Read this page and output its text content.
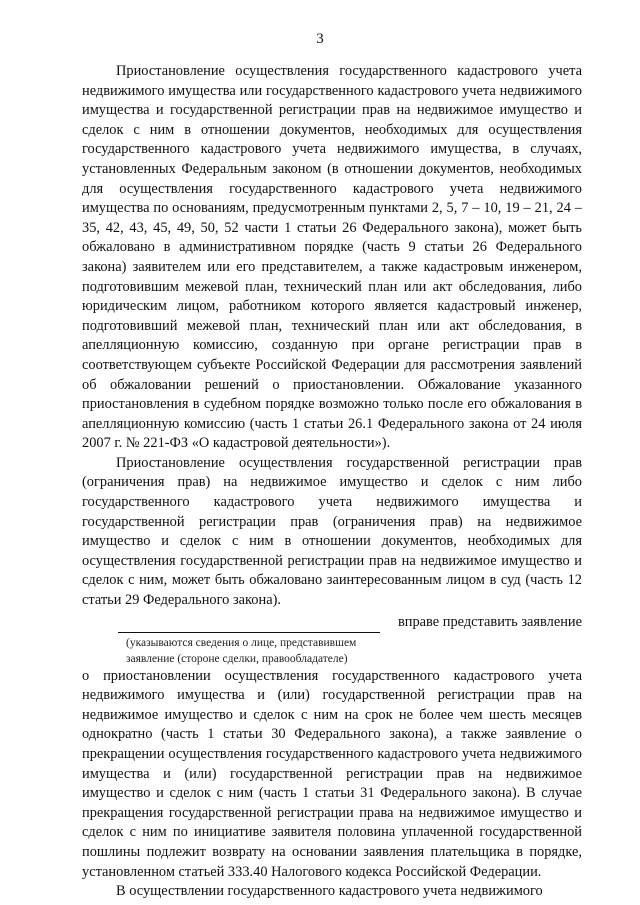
3

Приостановление осуществления государственного кадастрового учета недвижимого имущества или государственного кадастрового учета недвижимого имущества и государственной регистрации прав на недвижимое имущество и сделок с ним в отношении документов, необходимых для осуществления государственного кадастрового учета недвижимого имущества, в случаях, установленных Федеральным законом (в отношении документов, необходимых для осуществления государственного кадастрового учета недвижимого имущества по основаниям, предусмотренным пунктами 2, 5, 7 – 10, 19 – 21, 24 – 35, 42, 43, 45, 49, 50, 52 части 1 статьи 26 Федерального закона), может быть обжаловано в административном порядке (часть 9 статьи 26 Федерального закона) заявителем или его представителем, а также кадастровым инженером, подготовившим межевой план, технический план или акт обследования, либо юридическим лицом, работником которого является кадастровый инженер, подготовивший межевой план, технический план или акт обследования, в апелляционную комиссию, созданную при органе регистрации прав в соответствующем субъекте Российской Федерации для рассмотрения заявлений об обжаловании решений о приостановлении. Обжалование указанного приостановления в судебном порядке возможно только после его обжалования в апелляционную комиссию (часть 1 статьи 26.1 Федерального закона от 24 июля 2007 г. № 221-ФЗ «О кадастровой деятельности»).

Приостановление осуществления государственной регистрации прав (ограничения прав) на недвижимое имущество и сделок с ним либо государственного кадастрового учета недвижимого имущества и государственной регистрации прав (ограничения прав) на недвижимое имущество и сделок с ним в отношении документов, необходимых для осуществления государственной регистрации прав на недвижимое имущество и сделок с ним, может быть обжаловано заинтересованным лицом в суд (часть 12 статьи 29 Федерального закона).

вправе представить заявление
(указываются сведения о лице, представившем
заявление (стороне сделки, правообладателе)

о приостановлении осуществления государственного кадастрового учета недвижимого имущества и (или) государственной регистрации прав на недвижимое имущество и сделок с ним на срок не более чем шесть месяцев однократно (часть 1 статьи 30 Федерального закона), а также заявление о прекращении осуществления государственного кадастрового учета недвижимого имущества и (или) государственной регистрации прав на недвижимое имущество и сделок с ним (часть 1 статьи 31 Федерального закона). В случае прекращения государственной регистрации права на недвижимое имущество и сделок с ним по инициативе заявителя половина уплаченной государственной пошлины подлежит возврату на основании заявления плательщика в порядке, установленном статьей 333.40 Налогового кодекса Российской Федерации.

В осуществлении государственного кадастрового учета недвижимого
